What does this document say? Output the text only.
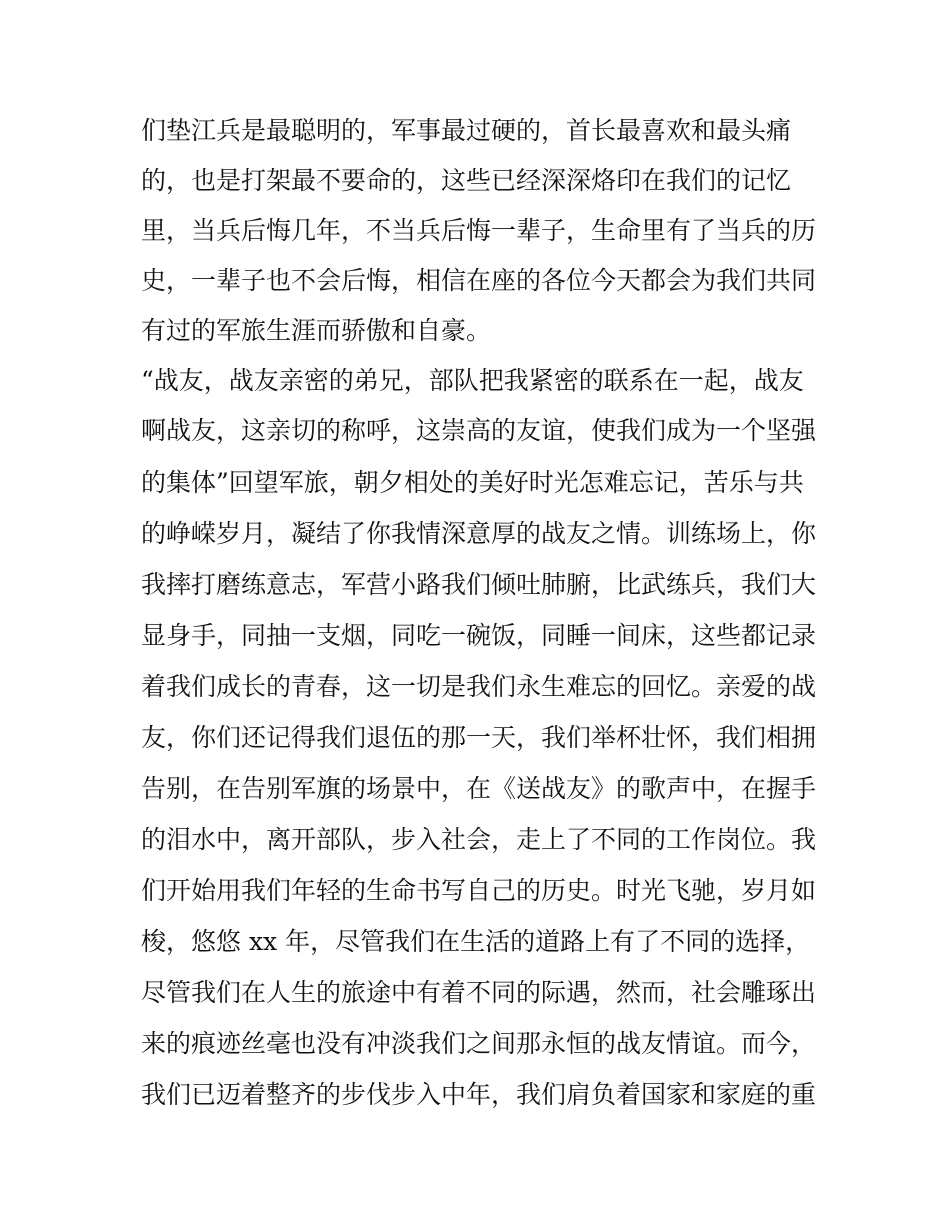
们垫江兵是最聪明的，军事最过硬的，首长最喜欢和最头痛
的，也是打架最不要命的，这些已经深深烙印在我们的记忆
里，当兵后悔几年，不当兵后悔一辈子，生命里有了当兵的历
史，一辈子也不会后悔，相信在座的各位今天都会为我们共同
有过的军旅生涯而骄傲和自豪。
“战友，战友亲密的弟兄，部队把我紧密的联系在一起，战友
啊战友，这亲切的称呼，这崇高的友谊，使我们成为一个坚强
的集体”回望军旅，朝夕相处的美好时光怎难忘记，苦乐与共
的峥嵘岁月，凝结了你我情深意厚的战友之情。训练场上，你
我摔打磨练意志，军营小路我们倾吐肺腑，比武练兵，我们大
显身手，同抽一支烟，同吃一碗饭，同睡一间床，这些都记录
着我们成长的青春，这一切是我们永生难忘的回忆。亲爱的战
友，你们还记得我们退伍的那一天，我们举杯壮怀，我们相拥
告别，在告别军旗的场景中，在《送战友》的歌声中，在握手
的泪水中，离开部队，步入社会，走上了不同的工作岗位。我
们开始用我们年轻的生命书写自己的历史。时光飞驰，岁月如
梭，悠悠 xx 年，尽管我们在生活的道路上有了不同的选择，
尽管我们在人生的旅途中有着不同的际遇，然而，社会雕琢出
来的痕迹丝毫也没有冲淡我们之间那永恒的战友情谊。而今，
我们已迈着整齐的步伐步入中年，我们肩负着国家和家庭的重
